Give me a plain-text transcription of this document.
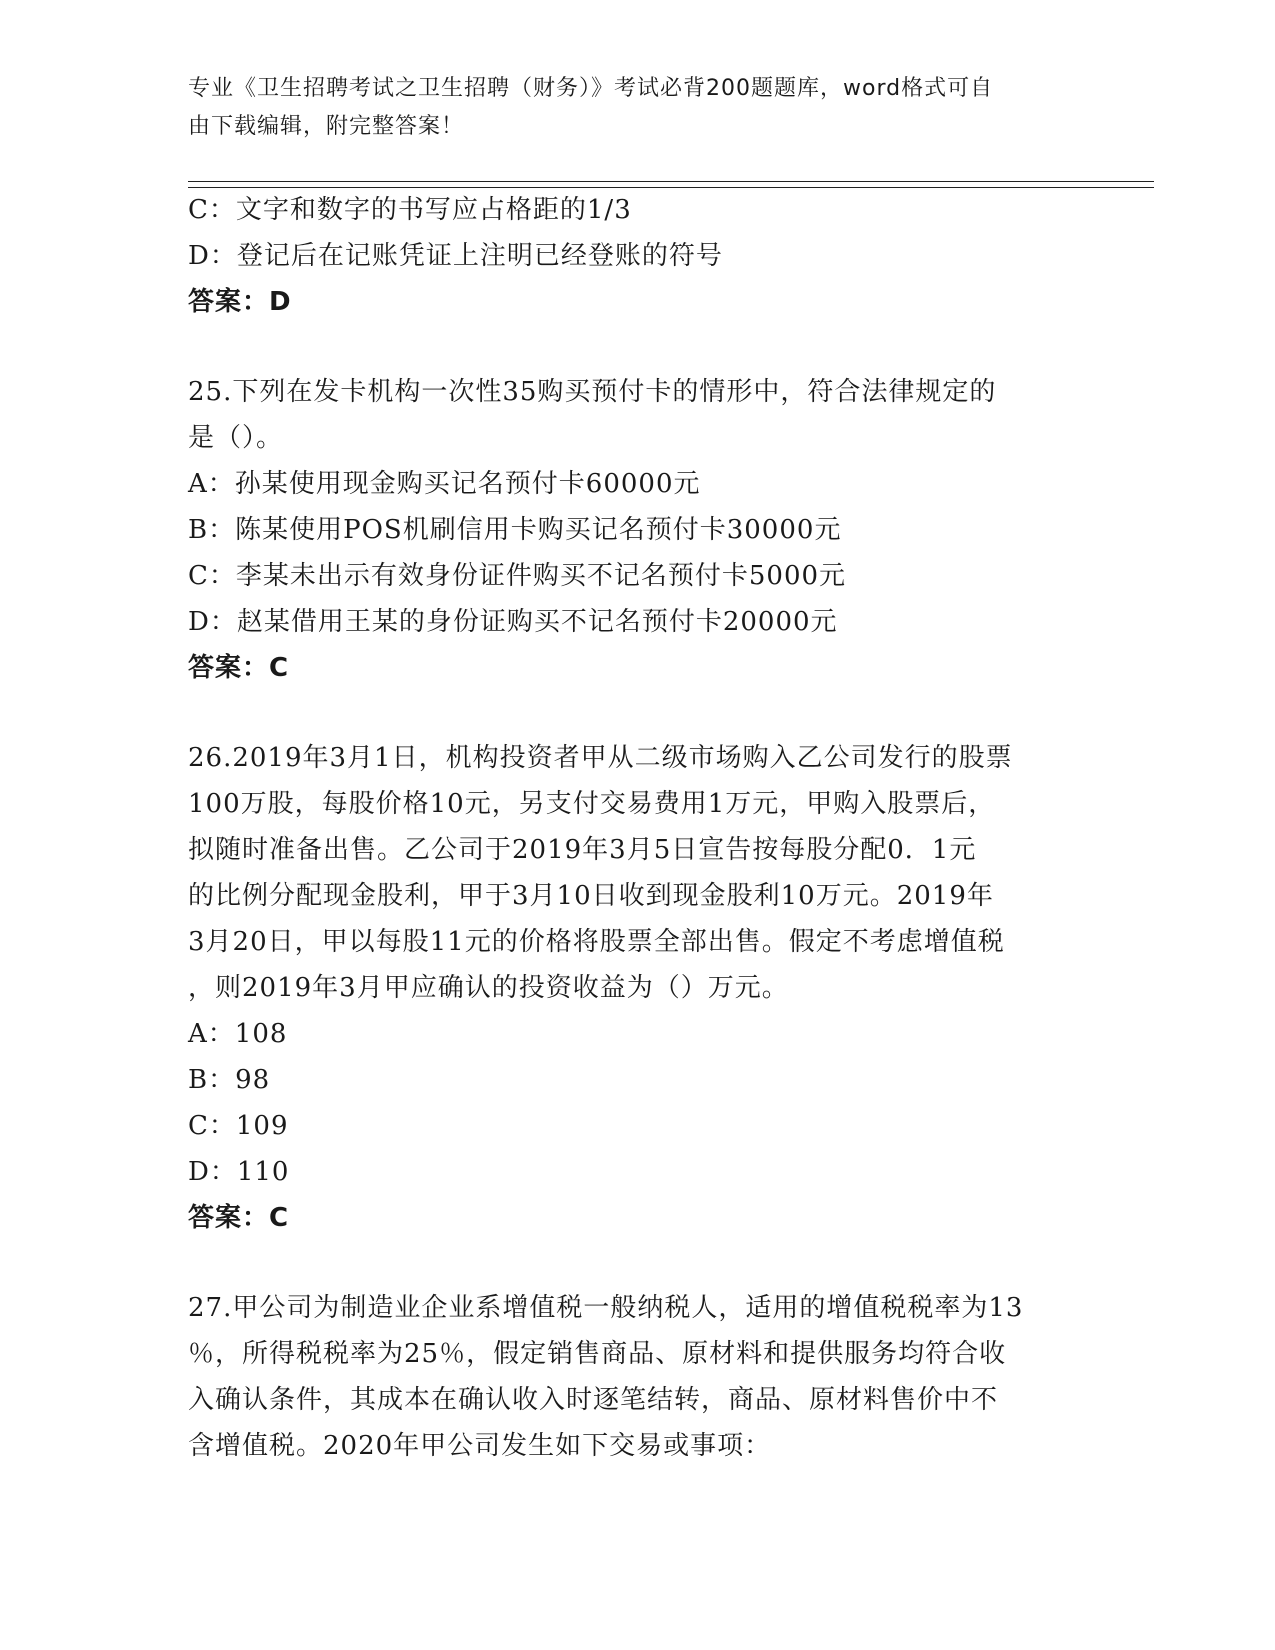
专业《卫生招聘考试之卫生招聘（财务）》考试必背200题题库，word格式可自
由下载编辑，附完整答案！
C：文字和数字的书写应占格距的1/3
D：登记后在记账凭证上注明已经登账的符号
答案：D
25.下列在发卡机构一次性35购买预付卡的情形中，符合法律规定的
是（）。
A：孙某使用现金购买记名预付卡60000元
B：陈某使用POS机刷信用卡购买记名预付卡30000元
C：李某未出示有效身份证件购买不记名预付卡5000元
D：赵某借用王某的身份证购买不记名预付卡20000元
答案：C
26.2019年3月1日，机构投资者甲从二级市场购入乙公司发行的股票
100万股，每股价格10元，另支付交易费用1万元，甲购入股票后，
拟随时准备出售。乙公司于2019年3月5日宣告按每股分配0．1元
的比例分配现金股利，甲于3月10日收到现金股利10万元。2019年
3月20日，甲以每股11元的价格将股票全部出售。假定不考虑增值税
，则2019年3月甲应确认的投资收益为（）万元。
A：108
B：98
C：109
D：110
答案：C
27.甲公司为制造业企业系增值税一般纳税人，适用的增值税税率为13
％，所得税税率为25％，假定销售商品、原材料和提供服务均符合收
入确认条件，其成本在确认收入时逐笔结转，商品、原材料售价中不
含增值税。2020年甲公司发生如下交易或事项：
